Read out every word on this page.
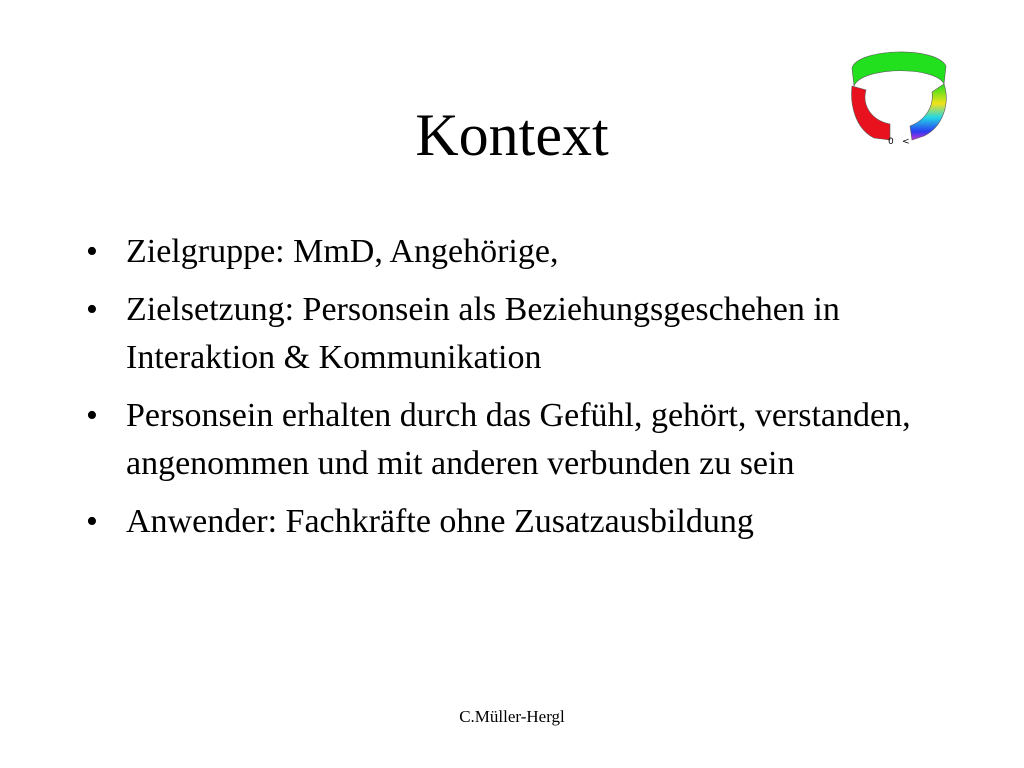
0 <
Kontext
• Zielgruppe: MmD, Angehörige,
• Zielsetzung: Personsein als Beziehungsgeschehen in Interaktion & Kommunikation
• Personsein erhalten durch das Gefühl, gehört, verstanden, angenommen und mit anderen verbunden zu sein
• Anwender: Fachkräfte ohne Zusatzausbildung
C.Müller-Hergl
